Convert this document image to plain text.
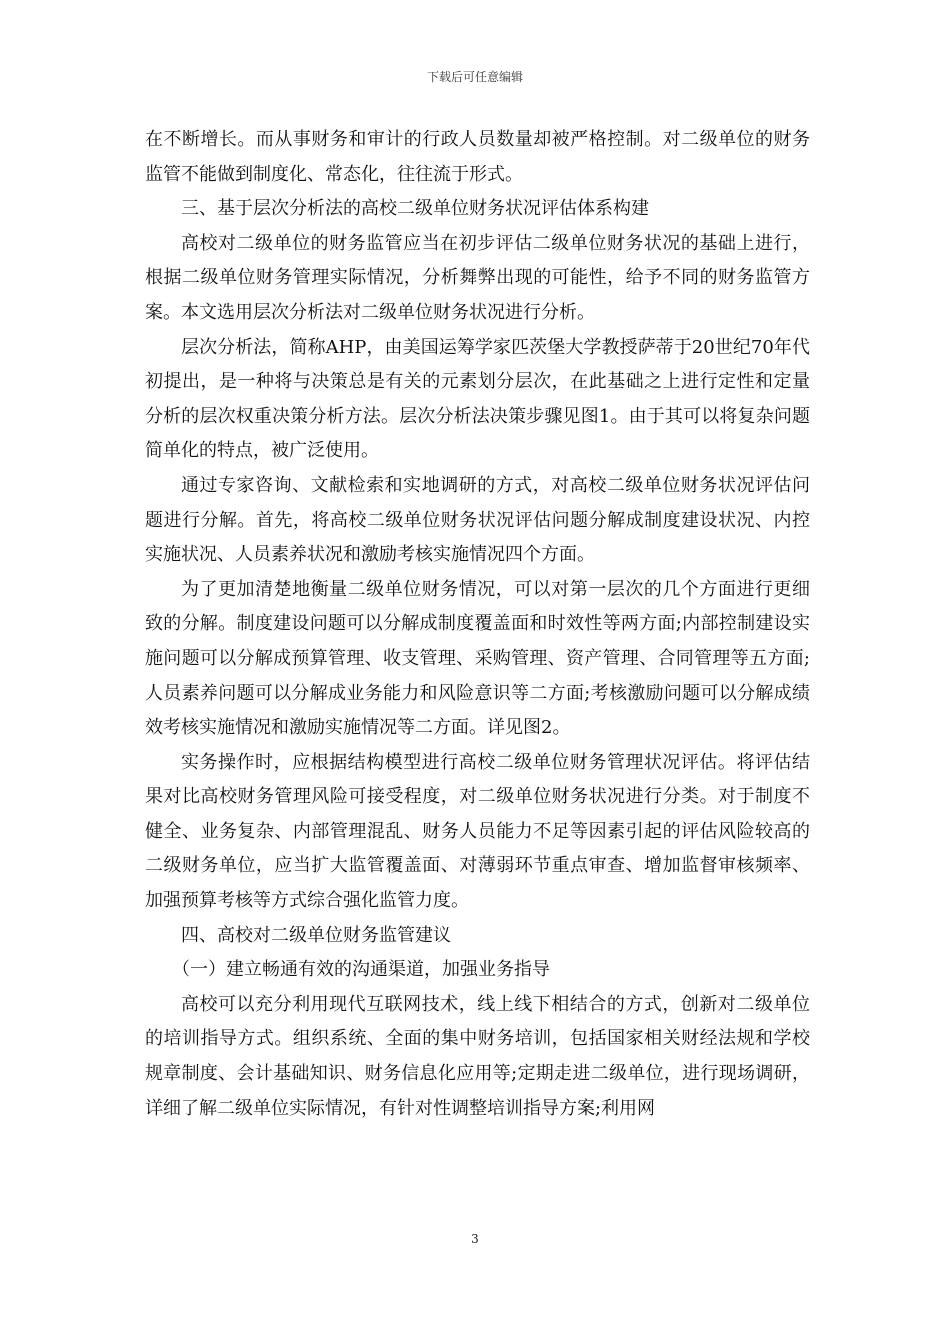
下载后可任意编辑

在不断增长。而从事财务和审计的行政人员数量却被严格控制。对二级单位的财务监管不能做到制度化、常态化，往往流于形式。

三、基于层次分析法的高校二级单位财务状况评估体系构建

高校对二级单位的财务监管应当在初步评估二级单位财务状况的基础上进行，根据二级单位财务管理实际情况，分析舞弊出现的可能性，给予不同的财务监管方案。本文选用层次分析法对二级单位财务状况进行分析。

层次分析法，简称AHP，由美国运筹学家匹茨堡大学教授萨蒂于20世纪70年代初提出，是一种将与决策总是有关的元素划分层次，在此基础之上进行定性和定量分析的层次权重决策分析方法。层次分析法决策步骤见图1。由于其可以将复杂问题简单化的特点，被广泛使用。

通过专家咨询、文献检索和实地调研的方式，对高校二级单位财务状况评估问题进行分解。首先，将高校二级单位财务状况评估问题分解成制度建设状况、内控实施状况、人员素养状况和激励考核实施情况四个方面。

为了更加清楚地衡量二级单位财务情况，可以对第一层次的几个方面进行更细致的分解。制度建设问题可以分解成制度覆盖面和时效性等两方面;内部控制建设实施问题可以分解成预算管理、收支管理、采购管理、资产管理、合同管理等五方面;人员素养问题可以分解成业务能力和风险意识等二方面;考核激励问题可以分解成绩效考核实施情况和激励实施情况等二方面。详见图2。

实务操作时，应根据结构模型进行高校二级单位财务管理状况评估。将评估结果对比高校财务管理风险可接受程度，对二级单位财务状况进行分类。对于制度不健全、业务复杂、内部管理混乱、财务人员能力不足等因素引起的评估风险较高的二级财务单位，应当扩大监管覆盖面、对薄弱环节重点审查、增加监督审核频率、加强预算考核等方式综合强化监管力度。

四、高校对二级单位财务监管建议

（一）建立畅通有效的沟通渠道，加强业务指导

高校可以充分利用现代互联网技术，线上线下相结合的方式，创新对二级单位的培训指导方式。组织系统、全面的集中财务培训，包括国家相关财经法规和学校规章制度、会计基础知识、财务信息化应用等;定期走进二级单位，进行现场调研，详细了解二级单位实际情况，有针对性调整培训指导方案;利用网

3
